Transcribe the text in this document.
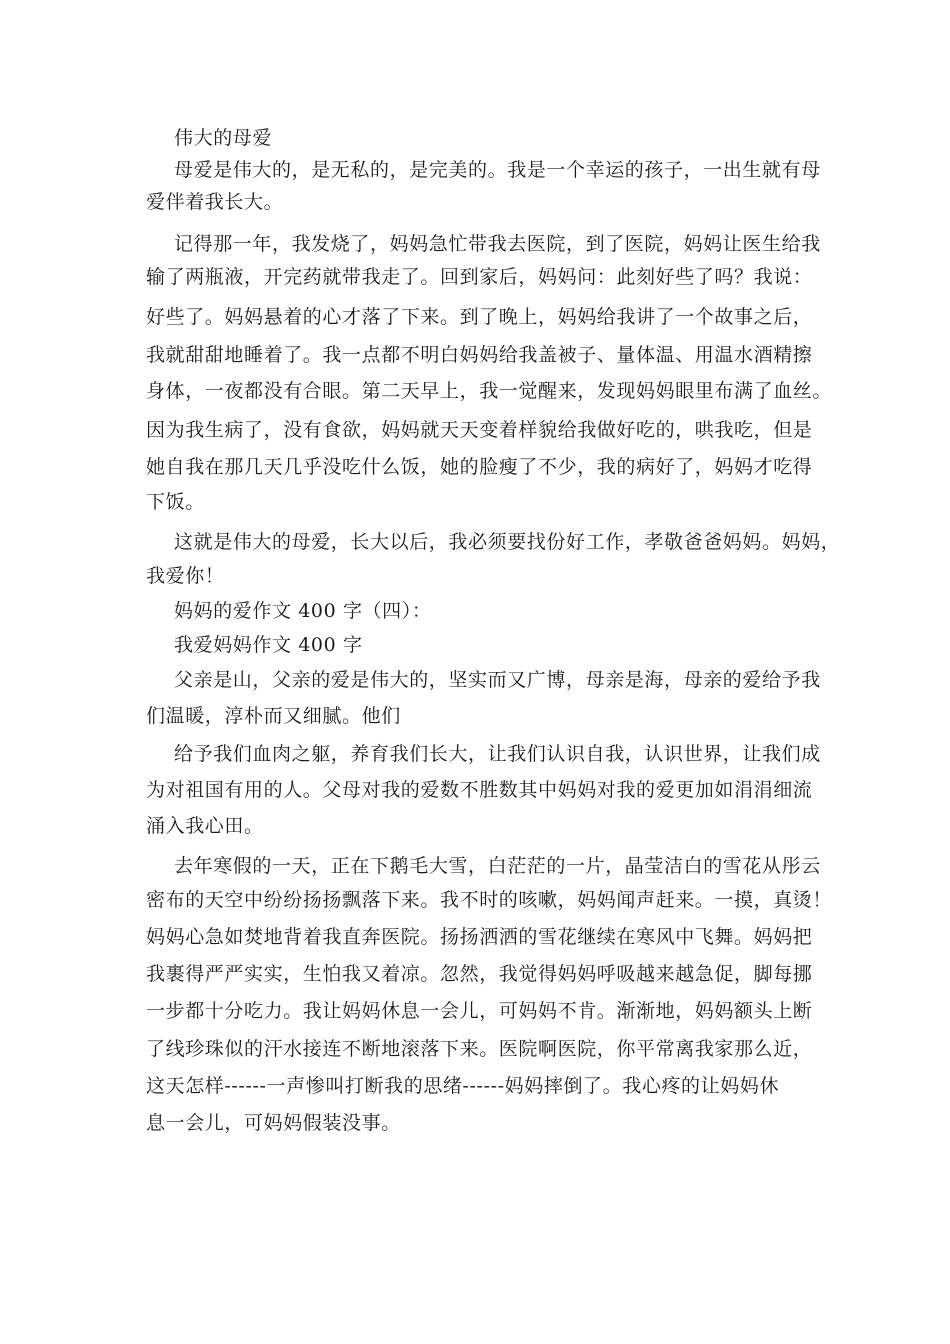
伟大的母爱
母爱是伟大的，是无私的，是完美的。我是一个幸运的孩子，一出生就有母
爱伴着我长大。
记得那一年，我发烧了，妈妈急忙带我去医院，到了医院，妈妈让医生给我
输了两瓶液，开完药就带我走了。回到家后，妈妈问：此刻好些了吗？我说：
好些了。妈妈悬着的心才落了下来。到了晚上，妈妈给我讲了一个故事之后，
我就甜甜地睡着了。我一点都不明白妈妈给我盖被子、量体温、用温水酒精擦
身体，一夜都没有合眼。第二天早上，我一觉醒来，发现妈妈眼里布满了血丝。
因为我生病了，没有食欲，妈妈就天天变着样貌给我做好吃的，哄我吃，但是
她自我在那几天几乎没吃什么饭，她的脸瘦了不少，我的病好了，妈妈才吃得
下饭。
这就是伟大的母爱，长大以后，我必须要找份好工作，孝敬爸爸妈妈。妈妈，
我爱你！
妈妈的爱作文 400 字（四）：
我爱妈妈作文 400 字
父亲是山，父亲的爱是伟大的，坚实而又广博，母亲是海，母亲的爱给予我
们温暖，淳朴而又细腻。他们
给予我们血肉之躯，养育我们长大，让我们认识自我，认识世界，让我们成
为对祖国有用的人。父母对我的爱数不胜数其中妈妈对我的爱更加如涓涓细流
涌入我心田。
去年寒假的一天，正在下鹅毛大雪，白茫茫的一片，晶莹洁白的雪花从彤云
密布的天空中纷纷扬扬飘落下来。我不时的咳嗽，妈妈闻声赶来。一摸，真烫！
妈妈心急如焚地背着我直奔医院。扬扬洒洒的雪花继续在寒风中飞舞。妈妈把
我裹得严严实实，生怕我又着凉。忽然，我觉得妈妈呼吸越来越急促，脚每挪
一步都十分吃力。我让妈妈休息一会儿，可妈妈不肯。渐渐地，妈妈额头上断
了线珍珠似的汗水接连不断地滚落下来。医院啊医院，你平常离我家那么近，
这天怎样------一声惨叫打断我的思绪------妈妈摔倒了。我心疼的让妈妈休
息一会儿，可妈妈假装没事。
